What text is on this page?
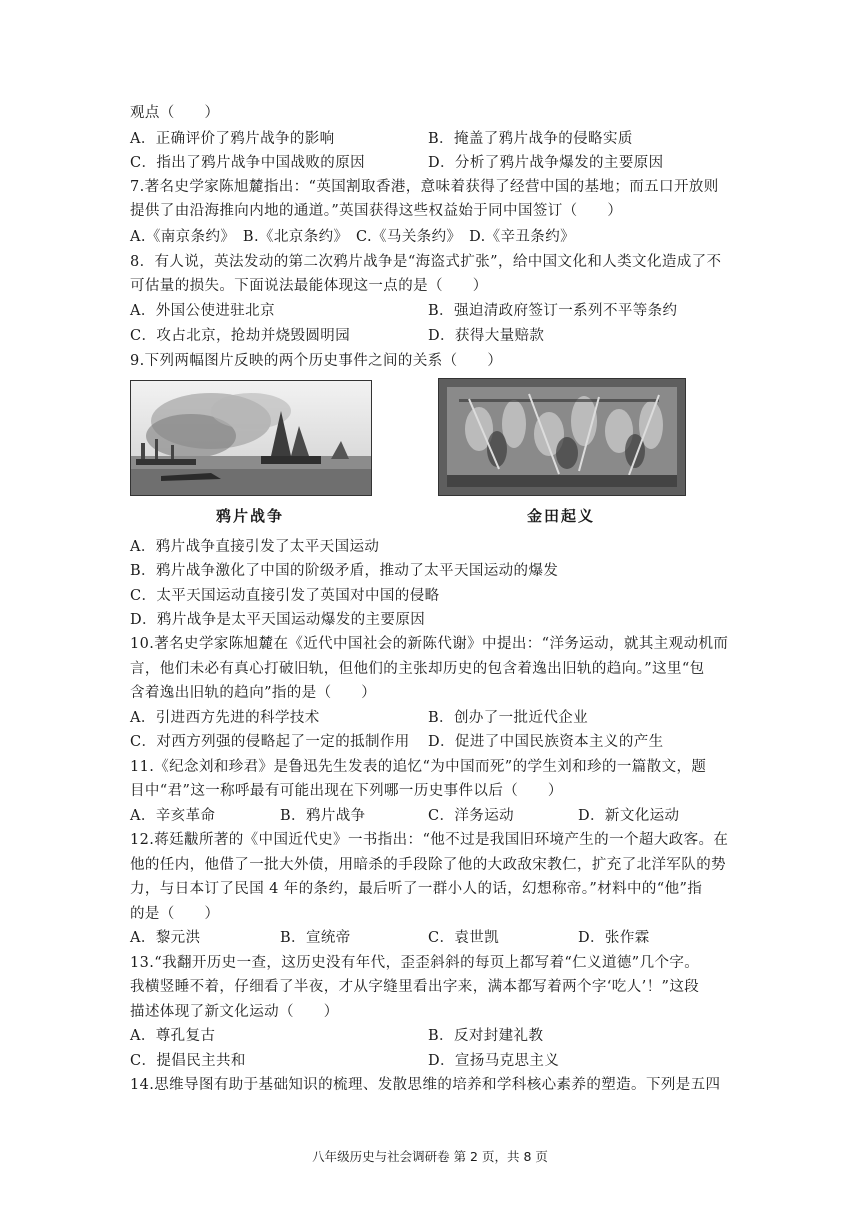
观点（　　）
A．正确评价了鸦片战争的影响	B．掩盖了鸦片战争的侵略实质
C．指出了鸦片战争中国战败的原因	D．分析了鸦片战争爆发的主要原因
7.著名史学家陈旭麓指出：“英国割取香港，意味着获得了经营中国的基地；而五口开放则
提供了由沿海推向内地的通道。”英国获得这些权益始于同中国签订（　　）
A.《南京条约》　B.《北京条约》　C.《马关条约》　D.《辛丑条约》
8．有人说，英法发动的第二次鸦片战争是“海盗式扩张”，给中国文化和人类文化造成了不
可估量的损失。下面说法最能体现这一点的是（　　）
A．外国公使进驻北京	B．强迫清政府签订一系列不平等条约
C．攻占北京，抢劫并烧毁圆明园	D．获得大量赔款
9.下列两幅图片反映的两个历史事件之间的关系（　　）
鸦片战争	金田起义
A．鸦片战争直接引发了太平天国运动
B．鸦片战争激化了中国的阶级矛盾，推动了太平天国运动的爆发
C．太平天国运动直接引发了英国对中国的侵略
D．鸦片战争是太平天国运动爆发的主要原因
10.著名史学家陈旭麓在《近代中国社会的新陈代谢》中提出：“洋务运动，就其主观动机而
言，他们未必有真心打破旧轨，但他们的主张却历史的包含着逸出旧轨的趋向。”这里“包
含着逸出旧轨的趋向”指的是（　　）
A．引进西方先进的科学技术	B．创办了一批近代企业
C．对西方列强的侵略起了一定的抵制作用 D．促进了中国民族资本主义的产生
11.《纪念刘和珍君》是鲁迅先生发表的追忆“为中国而死”的学生刘和珍的一篇散文，题
目中“君”这一称呼最有可能出现在下列哪一历史事件以后（　　）
A．辛亥革命	B．鸦片战争	C．洋务运动	D．新文化运动
12.蒋廷黻所著的《中国近代史》一书指出：“他不过是我国旧环境产生的一个超大政客。在
他的任内，他借了一批大外债，用暗杀的手段除了他的大政敌宋教仁，扩充了北洋军队的势
力，与日本订了民国 4 年的条约，最后听了一群小人的话，幻想称帝。”材料中的“他”指
的是（　　）
A．黎元洪	B．宣统帝	C．袁世凯	D．张作霖
13.“我翻开历史一查，这历史没有年代，歪歪斜斜的每页上都写着“仁义道德”几个字。
我横竖睡不着，仔细看了半夜，才从字缝里看出字来，满本都写着两个字‘吃人’！”这段
描述体现了新文化运动（　　）
A．尊孔复古	B．反对封建礼教
C．提倡民主共和	D．宣扬马克思主义
14.思维导图有助于基础知识的梳理、发散思维的培养和学科核心素养的塑造。下列是五四
八年级历史与社会调研卷 第 2 页，共 8 页
